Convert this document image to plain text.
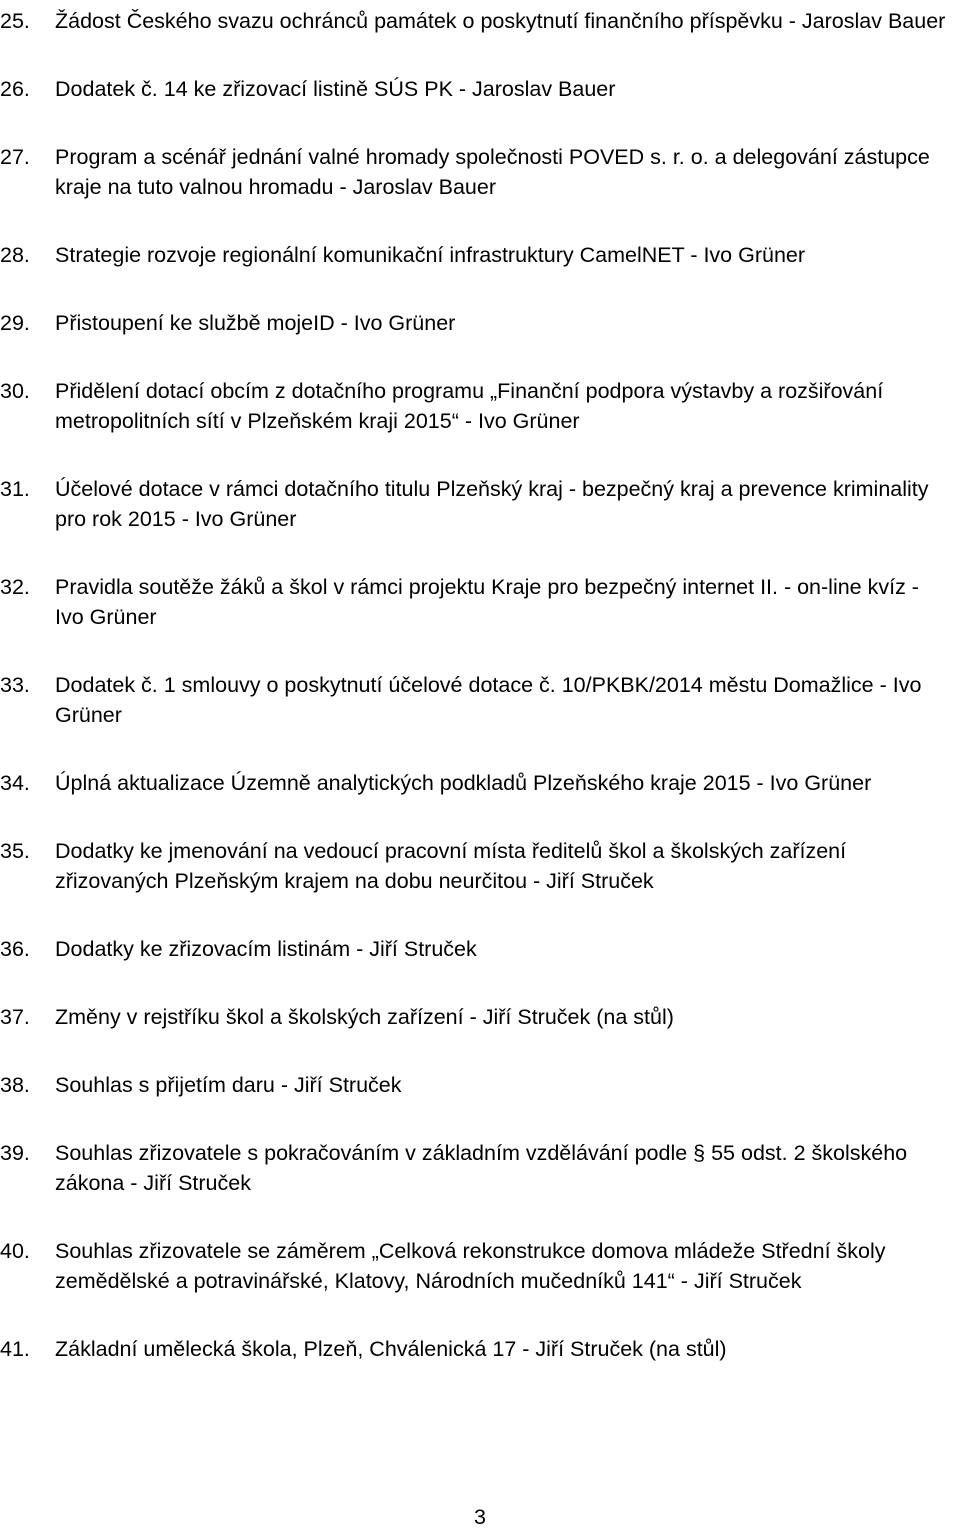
25. Žádost Českého svazu ochránců památek o poskytnutí finančního příspěvku - Jaroslav Bauer
26. Dodatek č. 14 ke zřizovací listině SÚS PK - Jaroslav Bauer
27. Program a scénář jednání valné hromady společnosti POVED s. r. o. a delegování zástupce kraje na tuto valnou hromadu - Jaroslav Bauer
28. Strategie rozvoje regionální komunikační infrastruktury CamelNET - Ivo Grüner
29. Přistoupení ke službě mojeID - Ivo Grüner
30. Přidělení dotací obcím z dotačního programu „Finanční podpora výstavby a rozšiřování metropolitních sítí v Plzeňském kraji 2015“ - Ivo Grüner
31. Účelové dotace v rámci dotačního titulu Plzeňský kraj - bezpečný kraj a prevence kriminality pro rok 2015 - Ivo Grüner
32. Pravidla soutěže žáků a škol v rámci projektu Kraje pro bezpečný internet II. - on-line kvíz - Ivo Grüner
33. Dodatek č. 1 smlouvy o poskytnutí účelové dotace č. 10/PKBK/2014 městu Domažlice - Ivo Grüner
34. Úplná aktualizace Územně analytických podkladů Plzeňského kraje 2015 - Ivo Grüner
35. Dodatky ke jmenování na vedoucí pracovní místa ředitelů škol a školských zařízení zřizovaných Plzeňským krajem na dobu neurčitou - Jiří Struček
36. Dodatky ke zřizovacím listinám - Jiří Struček
37. Změny v rejstříku škol a školských zařízení - Jiří Struček (na stůl)
38. Souhlas s přijetím daru - Jiří Struček
39. Souhlas zřizovatele s pokračováním v základním vzdělávání podle § 55 odst. 2 školského zákona - Jiří Struček
40. Souhlas zřizovatele se záměrem „Celková rekonstrukce domova mládeže Střední školy zemědělské a potravinářské, Klatovy, Národních mučedníků 141“ - Jiří Struček
41. Základní umělecká škola, Plzeň, Chválenická 17 - Jiří Struček (na stůl)
3
